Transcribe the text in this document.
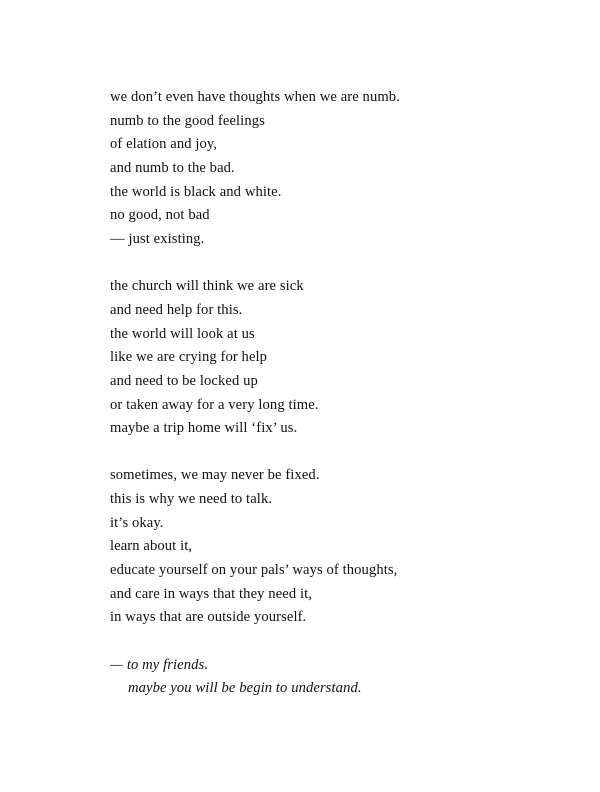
we don’t even have thoughts when we are numb.
numb to the good feelings
of elation and joy,
and numb to the bad.
the world is black and white.
no good, not bad
— just existing.
the church will think we are sick
and need help for this.
the world will look at us
like we are crying for help
and need to be locked up
or taken away for a very long time.
maybe a trip home will ‘fix’ us.
sometimes, we may never be fixed.
this is why we need to talk.
it’s okay.
learn about it,
educate yourself on your pals’ ways of thoughts,
and care in ways that they need it,
in ways that are outside yourself.
— to my friends.
maybe you will be begin to understand.
